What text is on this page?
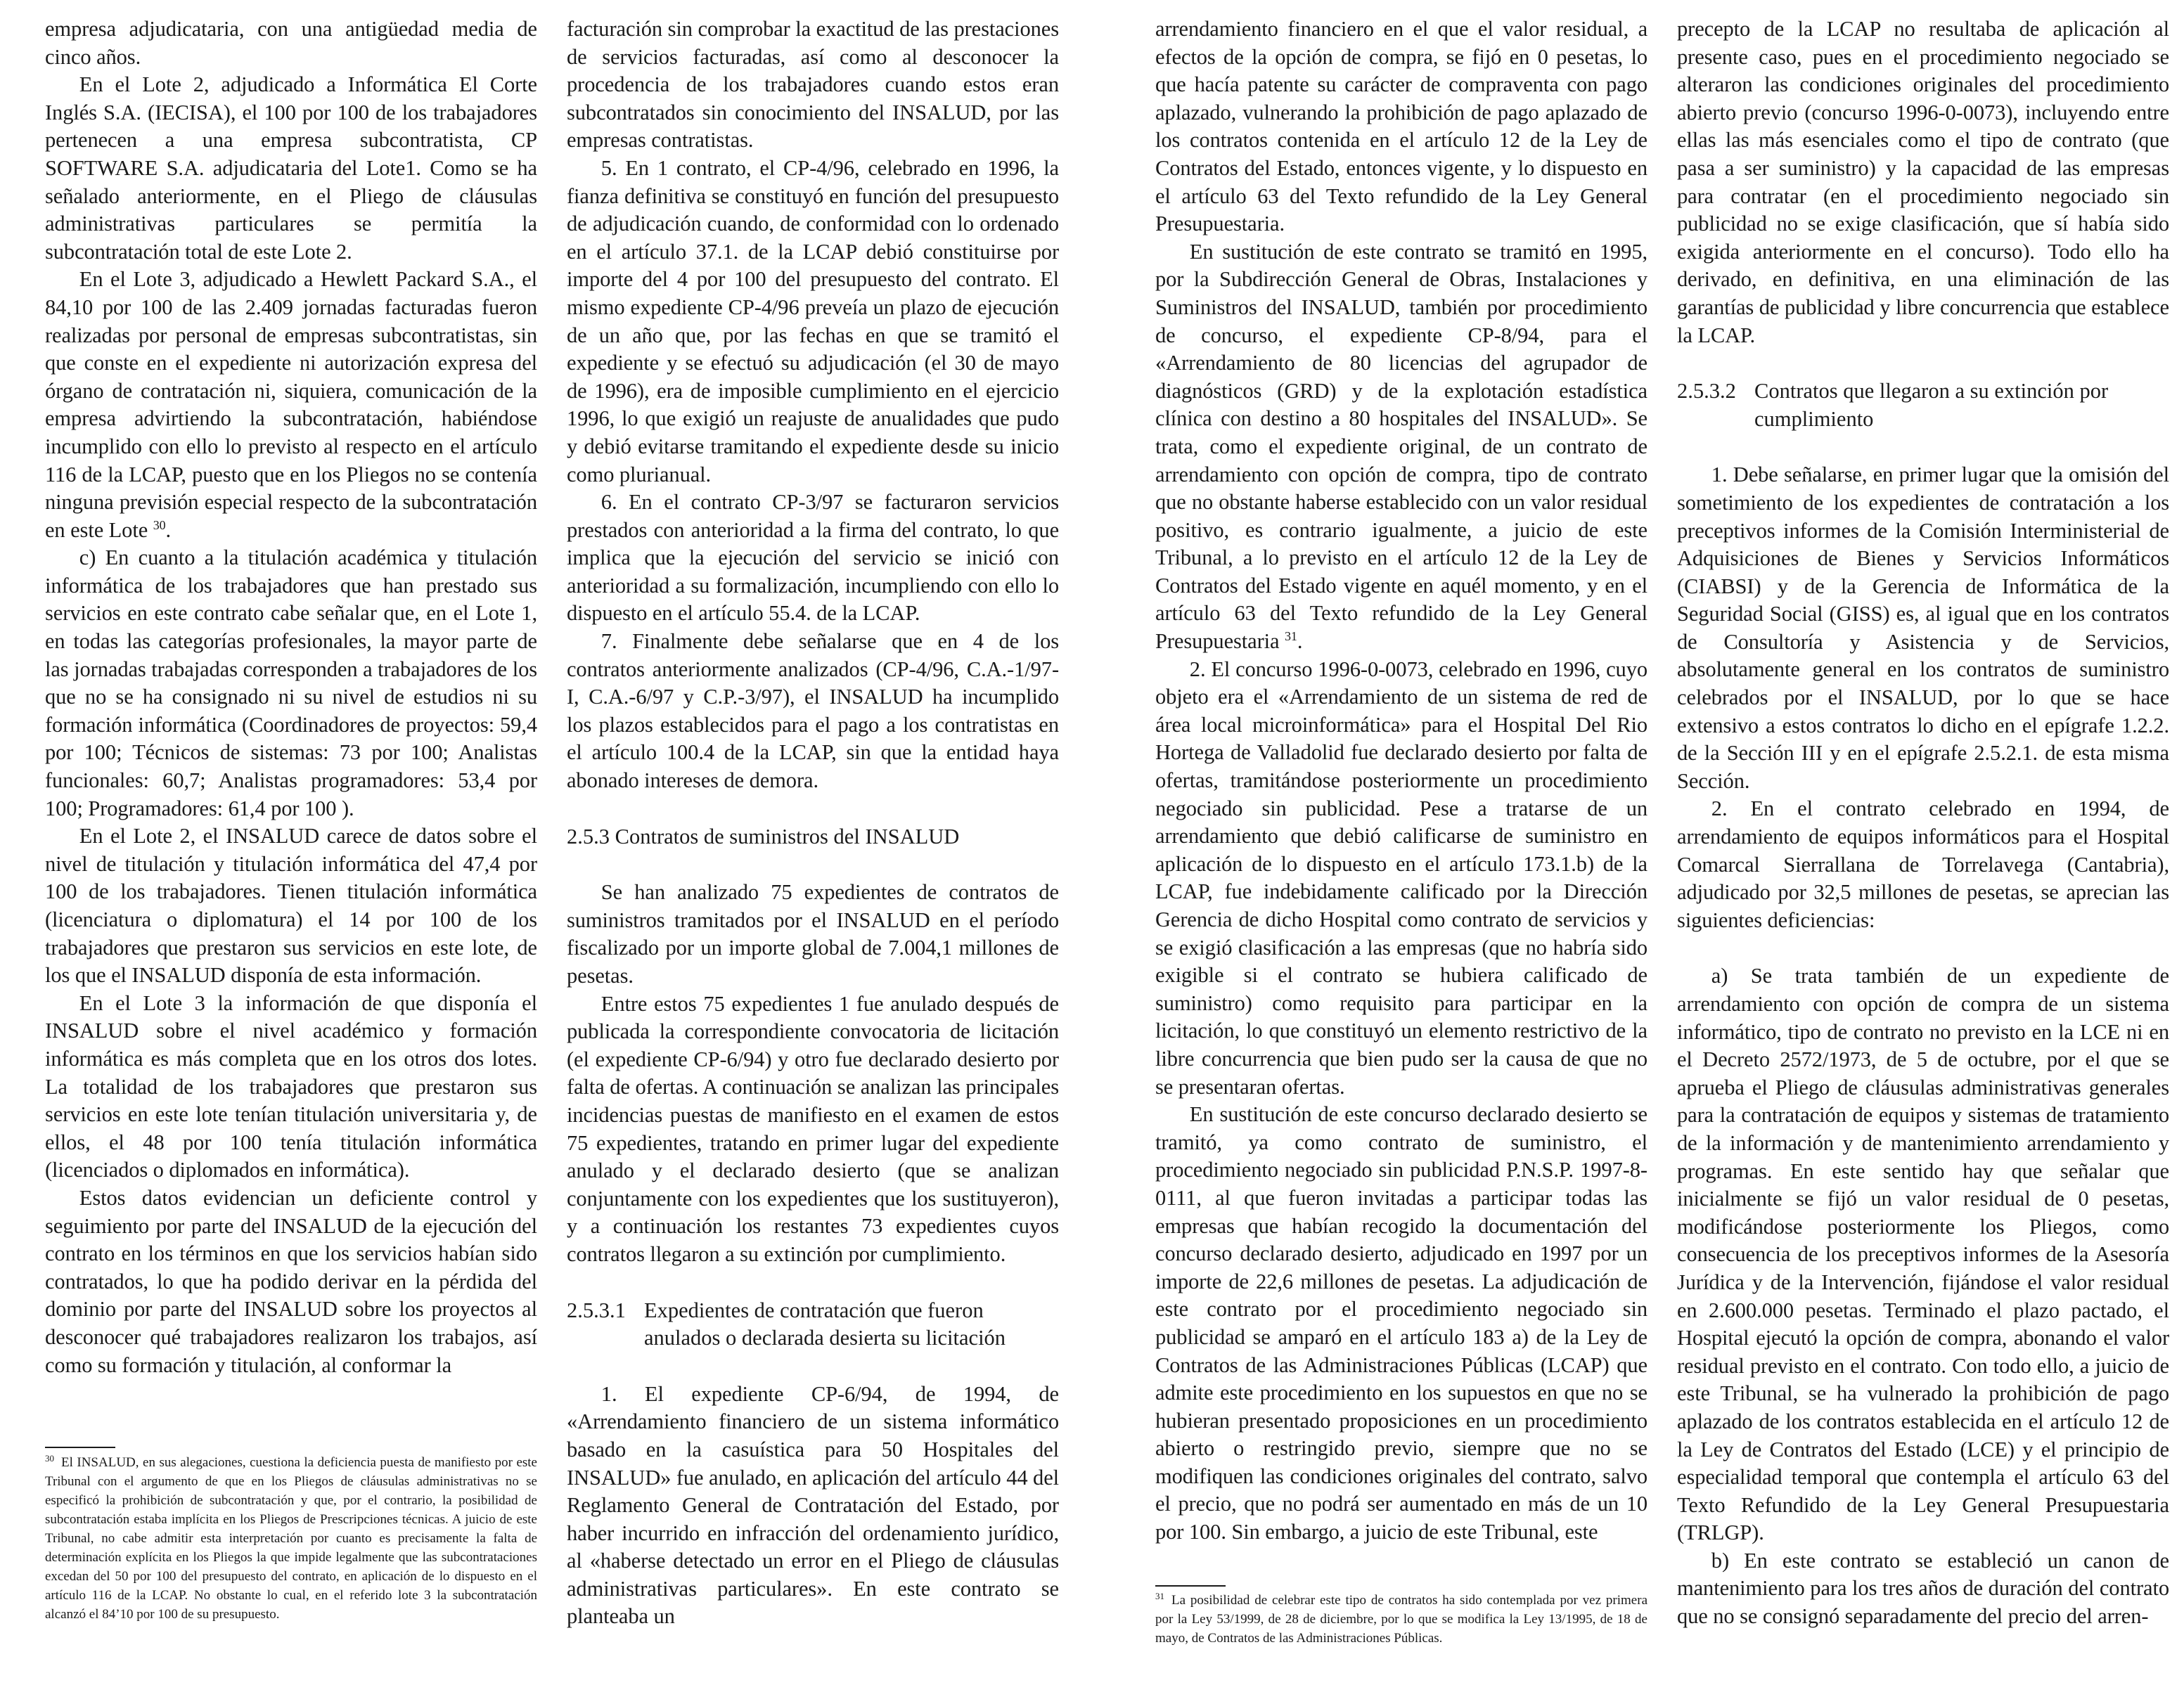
empresa adjudicataria, con una antigüedad media de cinco años.

En el Lote 2, adjudicado a Informática El Corte Inglés S.A. (IECISA), el 100 por 100 de los trabajadores pertenecen a una empresa subcontratista, CP SOFTWARE S.A. adjudicataria del Lote1. Como se ha señalado anteriormente, en el Pliego de cláusulas administrativas particulares se permitía la subcontratación total de este Lote 2.

En el Lote 3, adjudicado a Hewlett Packard S.A., el 84,10 por 100 de las 2.409 jornadas facturadas fueron realizadas por personal de empresas subcontratistas, sin que conste en el expediente ni autorización expresa del órgano de contratación ni, siquiera, comunicación de la empresa advirtiendo la subcontratación, habiéndose incumplido con ello lo previsto al respecto en el artículo 116 de la LCAP, puesto que en los Pliegos no se contenía ninguna previsión especial respecto de la subcontratación en este Lote $^{30}$.

c) En cuanto a la titulación académica y titulación informática de los trabajadores que han prestado sus servicios en este contrato cabe señalar que, en el Lote 1, en todas las categorías profesionales, la mayor parte de las jornadas trabajadas corresponden a trabajadores de los que no se ha consignado ni su nivel de estudios ni su formación informática (Coordinadores de proyectos: 59,4 por 100; Técnicos de sistemas: 73 por 100; Analistas funcionales: 60,7; Analistas programadores: 53,4 por 100; Programadores: 61,4 por 100 ).

En el Lote 2, el INSALUD carece de datos sobre el nivel de titulación y titulación informática del 47,4 por 100 de los trabajadores. Tienen titulación informática (licenciatura o diplomatura) el 14 por 100 de los trabajadores que prestaron sus servicios en este lote, de los que el INSALUD disponía de esta información.

En el Lote 3 la información de que disponía el INSALUD sobre el nivel académico y formación informática es más completa que en los otros dos lotes. La totalidad de los trabajadores que prestaron sus servicios en este lote tenían titulación universitaria y, de ellos, el 48 por 100 tenía titulación informática (licenciados o diplomados en informática).

Estos datos evidencian un deficiente control y seguimiento por parte del INSALUD de la ejecución del contrato en los términos en que los servicios habían sido contratados, lo que ha podido derivar en la pérdida del dominio por parte del INSALUD sobre los proyectos al desconocer qué trabajadores realizaron los trabajos, así como su formación y titulación, al conformar la

facturación sin comprobar la exactitud de las prestaciones de servicios facturadas, así como al desconocer la procedencia de los trabajadores cuando estos eran subcontratados sin conocimiento del INSALUD, por las empresas contratistas.

5. En 1 contrato, el CP-4/96, celebrado en 1996, la fianza definitiva se constituyó en función del presupuesto de adjudicación cuando, de conformidad con lo ordenado en el artículo 37.1. de la LCAP debió constituirse por importe del 4 por 100 del presupuesto del contrato. El mismo expediente CP-4/96 preveía un plazo de ejecución de un año que, por las fechas en que se tramitó el expediente y se efectuó su adjudicación (el 30 de mayo de 1996), era de imposible cumplimiento en el ejercicio 1996, lo que exigió un reajuste de anualidades que pudo y debió evitarse tramitando el expediente desde su inicio como plurianual.

6. En el contrato CP-3/97 se facturaron servicios prestados con anterioridad a la firma del contrato, lo que implica que la ejecución del servicio se inició con anterioridad a su formalización, incumpliendo con ello lo dispuesto en el artículo 55.4. de la LCAP.

7. Finalmente debe señalarse que en 4 de los contratos anteriormente analizados (CP-4/96, C.A.-1/97-I, C.A.-6/97 y C.P.-3/97), el INSALUD ha incumplido los plazos establecidos para el pago a los contratistas en el artículo 100.4 de la LCAP, sin que la entidad haya abonado intereses de demora.

2.5.3 Contratos de suministros del INSALUD

Se han analizado 75 expedientes de contratos de suministros tramitados por el INSALUD en el período fiscalizado por un importe global de 7.004,1 millones de pesetas.

Entre estos 75 expedientes 1 fue anulado después de publicada la correspondiente convocatoria de licitación (el expediente CP-6/94) y otro fue declarado desierto por falta de ofertas. A continuación se analizan las principales incidencias puestas de manifiesto en el examen de estos 75 expedientes, tratando en primer lugar del expediente anulado y el declarado desierto (que se analizan conjuntamente con los expedientes que los sustituyeron), y a continuación los restantes 73 expedientes cuyos contratos llegaron a su extinción por cumplimiento.

2.5.3.1 Expedientes de contratación que fueron anulados o declarada desierta su licitación

1. El expediente CP-6/94, de 1994, de «Arrendamiento financiero de un sistema informático basado en la casuística para 50 Hospitales del INSALUD» fue anulado, en aplicación del artículo 44 del Reglamento General de Contratación del Estado, por haber incurrido en infracción del ordenamiento jurídico, al «haberse detectado un error en el Pliego de cláusulas administrativas particulares». En este contrato se planteaba un

$^{30}$ El INSALUD, en sus alegaciones, cuestiona la deficiencia puesta de manifiesto por este Tribunal con el argumento de que en los Pliegos de cláusulas administrativas no se especificó la prohibición de subcontratación y que, por el contrario, la posibilidad de subcontratación estaba implícita en los Pliegos de Prescripciones técnicas. A juicio de este Tribunal, no cabe admitir esta interpretación por cuanto es precisamente la falta de determinación explícita en los Pliegos la que impide legalmente que las subcontrataciones excedan del 50 por 100 del presupuesto del contrato, en aplicación de lo dispuesto en el artículo 116 de la LCAP. No obstante lo cual, en el referido lote 3 la subcontratación alcanzó el 84’10 por 100 de su presupuesto.

arrendamiento financiero en el que el valor residual, a efectos de la opción de compra, se fijó en 0 pesetas, lo que hacía patente su carácter de compraventa con pago aplazado, vulnerando la prohibición de pago aplazado de los contratos contenida en el artículo 12 de la Ley de Contratos del Estado, entonces vigente, y lo dispuesto en el artículo 63 del Texto refundido de la Ley General Presupuestaria.

En sustitución de este contrato se tramitó en 1995, por la Subdirección General de Obras, Instalaciones y Suministros del INSALUD, también por procedimiento de concurso, el expediente CP-8/94, para el «Arrendamiento de 80 licencias del agrupador de diagnósticos (GRD) y de la explotación estadística clínica con destino a 80 hospitales del INSALUD». Se trata, como el expediente original, de un contrato de arrendamiento con opción de compra, tipo de contrato que no obstante haberse establecido con un valor residual positivo, es contrario igualmente, a juicio de este Tribunal, a lo previsto en el artículo 12 de la Ley de Contratos del Estado vigente en aquél momento, y en el artículo 63 del Texto refundido de la Ley General Presupuestaria $^{31}$.

2. El concurso 1996-0-0073, celebrado en 1996, cuyo objeto era el «Arrendamiento de un sistema de red de área local microinformática» para el Hospital Del Rio Hortega de Valladolid fue declarado desierto por falta de ofertas, tramitándose posteriormente un procedimiento negociado sin publicidad. Pese a tratarse de un arrendamiento que debió calificarse de suministro en aplicación de lo dispuesto en el artículo 173.1.b) de la LCAP, fue indebidamente calificado por la Dirección Gerencia de dicho Hospital como contrato de servicios y se exigió clasificación a las empresas (que no habría sido exigible si el contrato se hubiera calificado de suministro) como requisito para participar en la licitación, lo que constituyó un elemento restrictivo de la libre concurrencia que bien pudo ser la causa de que no se presentaran ofertas.

En sustitución de este concurso declarado desierto se tramitó, ya como contrato de suministro, el procedimiento negociado sin publicidad P.N.S.P. 1997-8-0111, al que fueron invitadas a participar todas las empresas que habían recogido la documentación del concurso declarado desierto, adjudicado en 1997 por un importe de 22,6 millones de pesetas. La adjudicación de este contrato por el procedimiento negociado sin publicidad se amparó en el artículo 183 a) de la Ley de Contratos de las Administraciones Públicas (LCAP) que admite este procedimiento en los supuestos en que no se hubieran presentado proposiciones en un procedimiento abierto o restringido previo, siempre que no se modifiquen las condiciones originales del contrato, salvo el precio, que no podrá ser aumentado en más de un 10 por 100. Sin embargo, a juicio de este Tribunal, este

precepto de la LCAP no resultaba de aplicación al presente caso, pues en el procedimiento negociado se alteraron las condiciones originales del procedimiento abierto previo (concurso 1996-0-0073), incluyendo entre ellas las más esenciales como el tipo de contrato (que pasa a ser suministro) y la capacidad de las empresas para contratar (en el procedimiento negociado sin publicidad no se exige clasificación, que sí había sido exigida anteriormente en el concurso). Todo ello ha derivado, en definitiva, en una eliminación de las garantías de publicidad y libre concurrencia que establece la LCAP.

2.5.3.2 Contratos que llegaron a su extinción por cumplimiento

1. Debe señalarse, en primer lugar que la omisión del sometimiento de los expedientes de contratación a los preceptivos informes de la Comisión Interministerial de Adquisiciones de Bienes y Servicios Informáticos (CIABSI) y de la Gerencia de Informática de la Seguridad Social (GISS) es, al igual que en los contratos de Consultoría y Asistencia y de Servicios, absolutamente general en los contratos de suministro celebrados por el INSALUD, por lo que se hace extensivo a estos contratos lo dicho en el epígrafe 1.2.2. de la Sección III y en el epígrafe 2.5.2.1. de esta misma Sección.

2. En el contrato celebrado en 1994, de arrendamiento de equipos informáticos para el Hospital Comarcal Sierrallana de Torrelavega (Cantabria), adjudicado por 32,5 millones de pesetas, se aprecian las siguientes deficiencias:

a) Se trata también de un expediente de arrendamiento con opción de compra de un sistema informático, tipo de contrato no previsto en la LCE ni en el Decreto 2572/1973, de 5 de octubre, por el que se aprueba el Pliego de cláusulas administrativas generales para la contratación de equipos y sistemas de tratamiento de la información y de mantenimiento arrendamiento y programas. En este sentido hay que señalar que inicialmente se fijó un valor residual de 0 pesetas, modificándose posteriormente los Pliegos, como consecuencia de los preceptivos informes de la Asesoría Jurídica y de la Intervención, fijándose el valor residual en 2.600.000 pesetas. Terminado el plazo pactado, el Hospital ejecutó la opción de compra, abonando el valor residual previsto en el contrato. Con todo ello, a juicio de este Tribunal, se ha vulnerado la prohibición de pago aplazado de los contratos establecida en el artículo 12 de la Ley de Contratos del Estado (LCE) y el principio de especialidad temporal que contempla el artículo 63 del Texto Refundido de la Ley General Presupuestaria (TRLGP).

b) En este contrato se estableció un canon de mantenimiento para los tres años de duración del contrato que no se consignó separadamente del precio del arren-

$^{31}$ La posibilidad de celebrar este tipo de contratos ha sido contemplada por vez primera por la Ley 53/1999, de 28 de diciembre, por lo que se modifica la Ley 13/1995, de 18 de mayo, de Contratos de las Administraciones Públicas.
